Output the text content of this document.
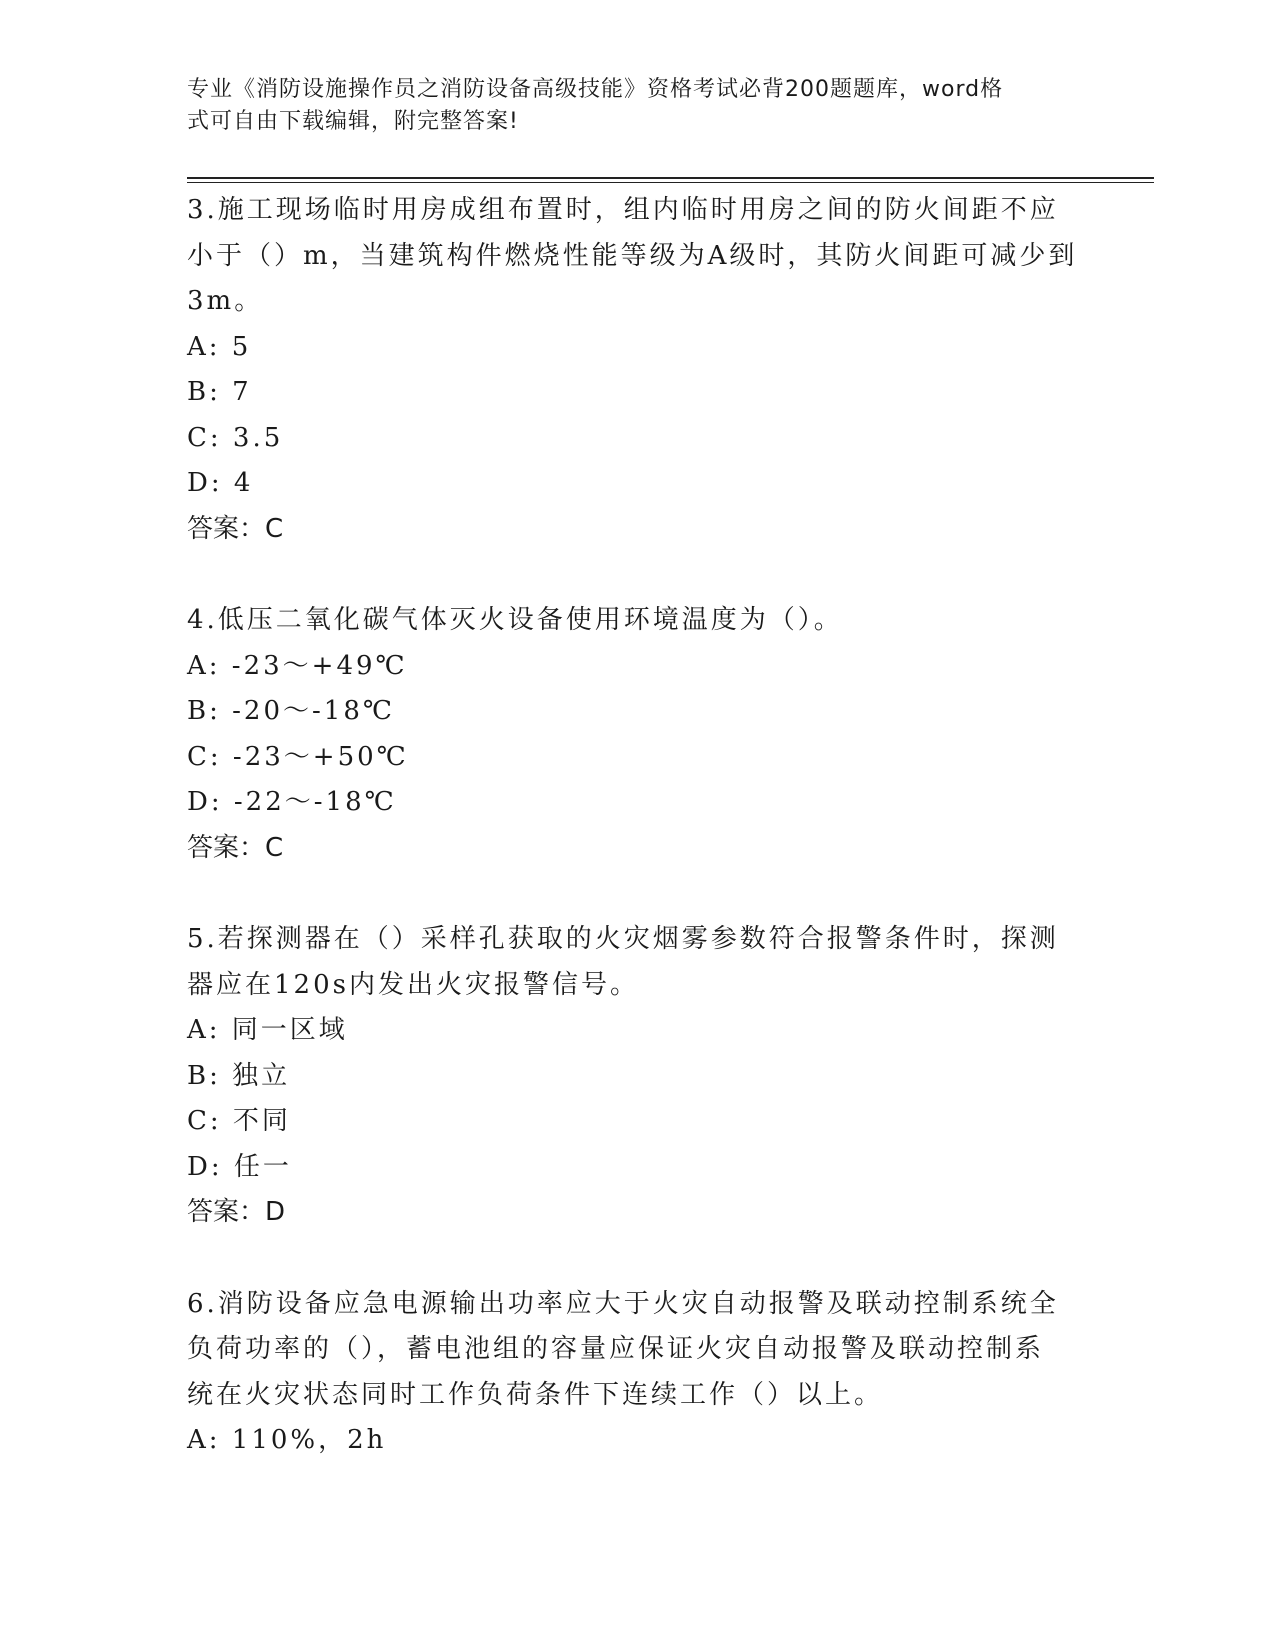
专业《消防设施操作员之消防设备高级技能》资格考试必背200题题库，word格
式可自由下载编辑，附完整答案!
3.施工现场临时用房成组布置时，组内临时用房之间的防火间距不应
小于（）m，当建筑构件燃烧性能等级为A级时，其防火间距可减少到
3m。
A: 5
B: 7
C: 3.5
D: 4
答案：C
4.低压二氧化碳气体灭火设备使用环境温度为（）。
A: -23～+49℃
B: -20～-18℃
C: -23～+50℃
D: -22～-18℃
答案：C
5.若探测器在（）采样孔获取的火灾烟雾参数符合报警条件时，探测
器应在120s内发出火灾报警信号。
A: 同一区域
B: 独立
C: 不同
D: 任一
答案：D
6.消防设备应急电源输出功率应大于火灾自动报警及联动控制系统全
负荷功率的（），蓄电池组的容量应保证火灾自动报警及联动控制系
统在火灾状态同时工作负荷条件下连续工作（）以上。
A: 110%，2h
